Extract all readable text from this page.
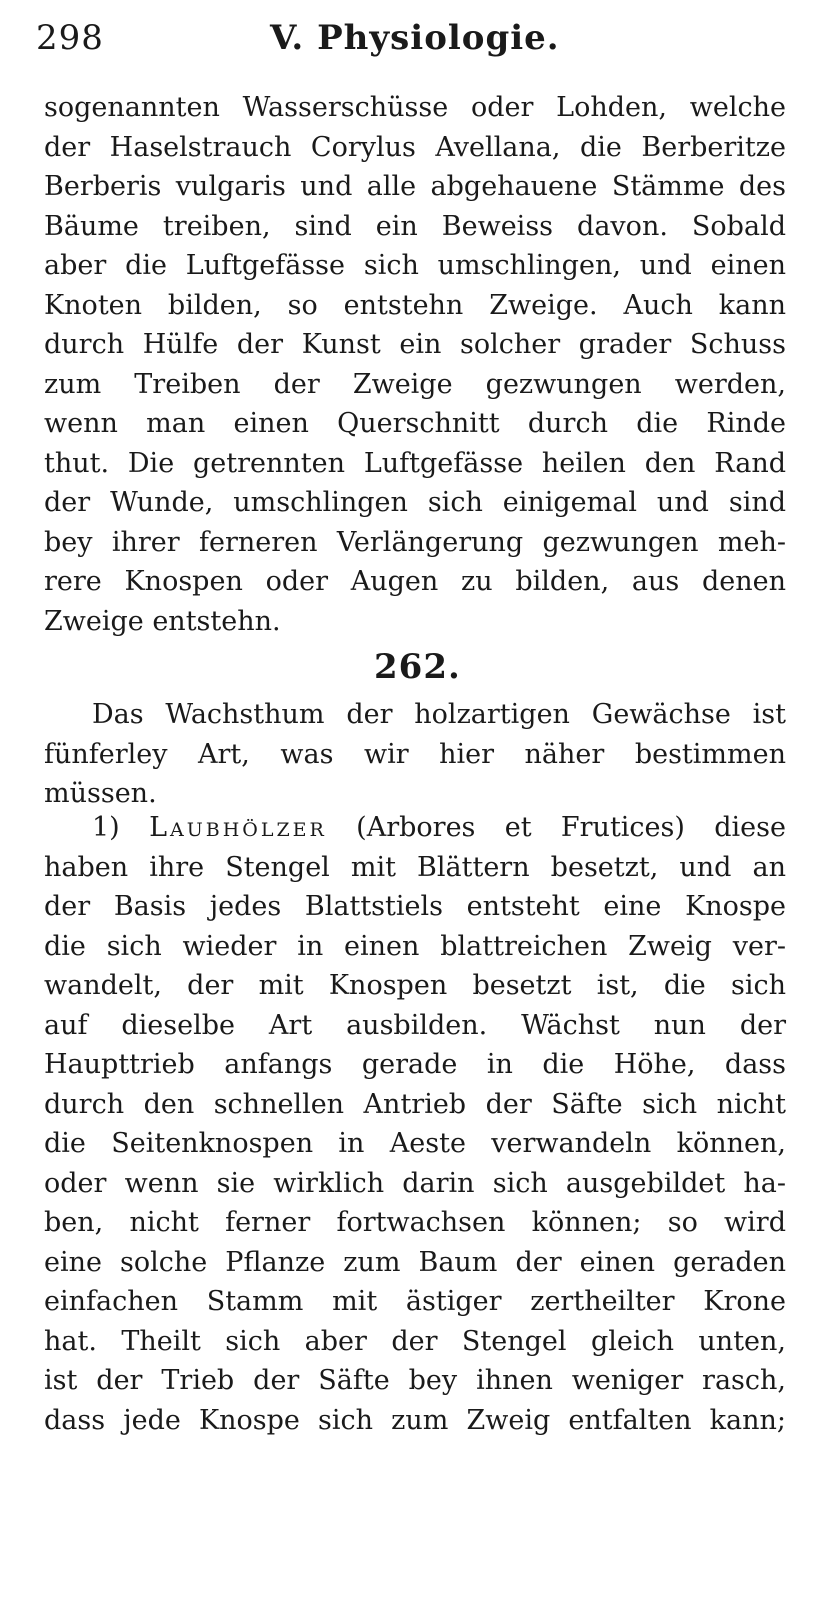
298	V. Physiologie.
sogenannten Wasserschüsse oder Lohden, welche
der Haselstrauch Corylus Avellana, die Berberitze
Berberis vulgaris und alle abgehauene Stämme des
Bäume treiben, sind ein Beweiss davon. Sobald
aber die Luftgefässe sich umschlingen, und einen
Knoten bilden, so entstehn Zweige. Auch kann
durch Hülfe der Kunst ein solcher grader Schuss
zum Treiben der Zweige gezwungen werden,
wenn man einen Querschnitt durch die Rinde
thut. Die getrennten Luftgefässe heilen den Rand
der Wunde, umschlingen sich einigemal und sind
bey ihrer ferneren Verlängerung gezwungen meh-
rere Knospen oder Augen zu bilden, aus denen
Zweige entstehn.
262.
Das Wachsthum der holzartigen Gewächse ist
fünferley Art, was wir hier näher bestimmen
müssen.
1) Laubhölzer (Arbores et Frutices) diese
haben ihre Stengel mit Blättern besetzt, und an
der Basis jedes Blattstiels entsteht eine Knospe
die sich wieder in einen blattreichen Zweig ver-
wandelt, der mit Knospen besetzt ist, die sich
auf dieselbe Art ausbilden. Wächst nun der
Haupttrieb anfangs gerade in die Höhe, dass
durch den schnellen Antrieb der Säfte sich nicht
die Seitenknospen in Aeste verwandeln können,
oder wenn sie wirklich darin sich ausgebildet ha-
ben, nicht ferner fortwachsen können; so wird
eine solche Pflanze zum Baum der einen geraden
einfachen Stamm mit ästiger zertheilter Krone
hat. Theilt sich aber der Stengel gleich unten,
ist der Trieb der Säfte bey ihnen weniger rasch,
dass jede Knospe sich zum Zweig entfalten kann;
